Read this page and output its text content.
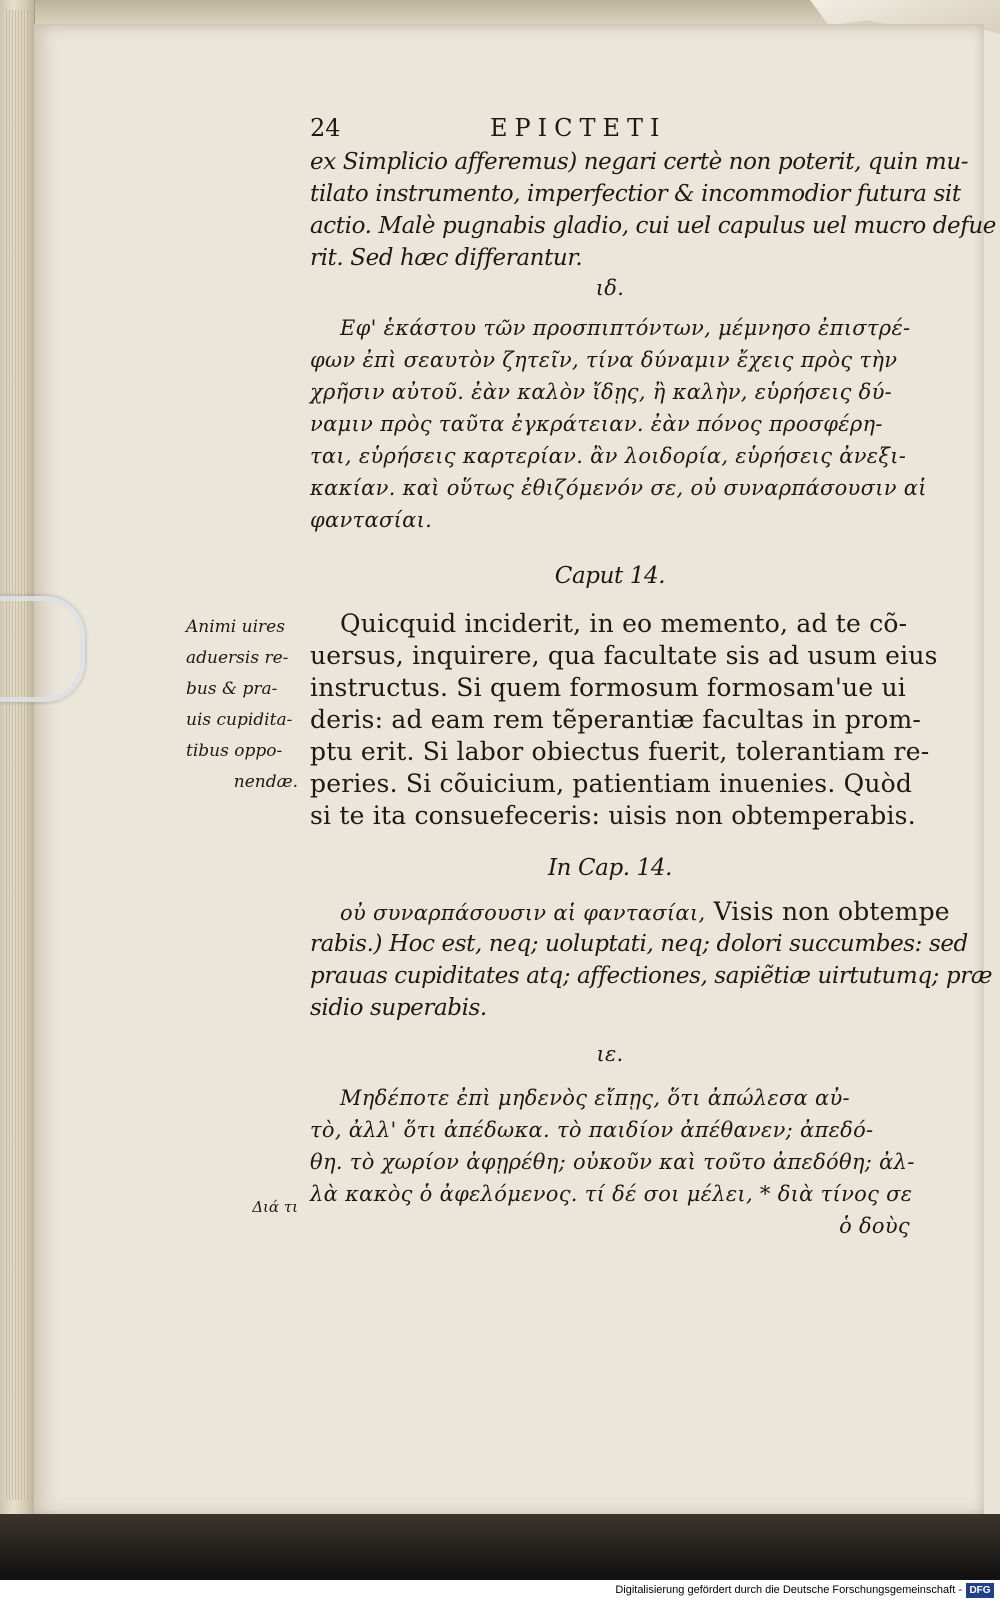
24	EPICTETI
ex Simplicio afferemus) negari certè non poterit, quin mu-
tilato instrumento, imperfectior & incommodior futura sit
actio. Malè pugnabis gladio, cui uel capulus uel mucro defue
rit. Sed hæc differantur.
ιδ.
Εφ' ἑκάστου τῶν προσπιπτόντων, μέμνησο ἐπιστρέ-
φων ἐπὶ σεαυτὸν ζητεῖν, τίνα δύναμιν ἔχεις πρὸς τὴν
χρῆσιν αὐτοῦ. ἐὰν καλὸν ἴδῃς, ἢ καλὴν, εὑρήσεις δύ-
ναμιν πρὸς ταῦτα ἐγκράτειαν. ἐὰν πόνος προσφέρη-
ται, εὑρήσεις καρτερίαν. ἂν λοιδορία, εὑρήσεις ἀνεξι-
κακίαν. καὶ οὕτως ἐθιζόμενόν σε, οὐ συναρπάσουσιν αἱ
φαντασίαι.
Caput 14.
Animi uires
aduersis re-
bus & pra-
uis cupidita-
tibus oppo-
nendæ.
Quicquid inciderit, in eo memento, ad te cõ-
uersus, inquirere, qua facultate sis ad usum eius
instructus. Si quem formosum formosam'ue ui
deris: ad eam rem tẽperantiæ facultas in prom-
ptu erit. Si labor obiectus fuerit, tolerantiam re-
peries. Si cõuicium, patientiam inuenies. Quòd
si te ita consuefeceris: uisis non obtemperabis.
In Cap. 14.
οὐ συναρπάσουσιν αἱ φαντασίαι, Visis non obtempe
rabis.) Hoc est, neq; uoluptati, neq; dolori succumbes: sed
prauas cupiditates atq; affectiones, sapiẽtiæ uirtutumq; præ
sidio superabis.
ιε.
Μηδέποτε ἐπὶ μηδενὸς εἴπῃς, ὅτι ἀπώλεσα αὐ-
τὸ, ἀλλ' ὅτι ἀπέδωκα. τὸ παιδίον ἀπέθανεν; ἀπεδό-
θη. τὸ χωρίον ἀφῃρέθη; οὐκοῦν καὶ τοῦτο ἀπεδόθη; ἀλ-
λὰ κακὸς ὁ ἀφελόμενος. τί δέ σοι μέλει, * διὰ τίνος σε
ὁ δοὺς
Διά τι
Digitalisierung gefördert durch die Deutsche Forschungsgemeinschaft - DFG
